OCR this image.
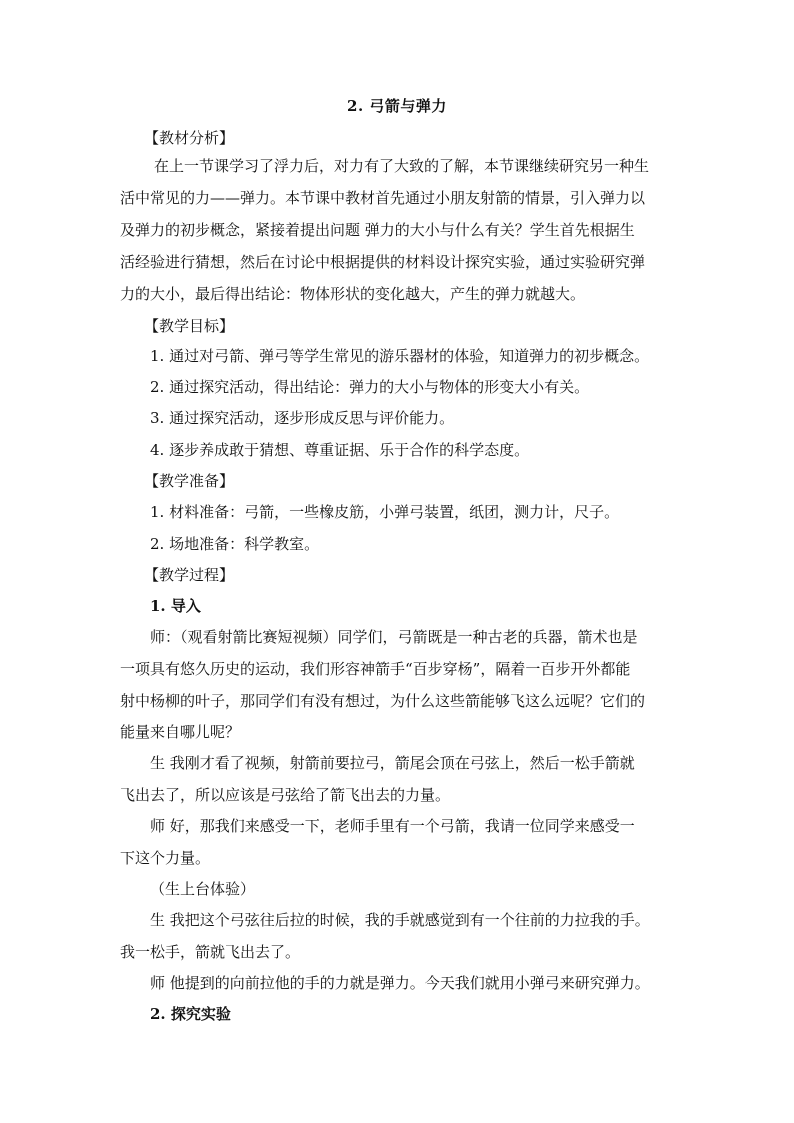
2. 弓箭与弹力
【教材分析】
在上一节课学习了浮力后，对力有了大致的了解，本节课继续研究另一种生
活中常见的力——弹力。本节课中教材首先通过小朋友射箭的情景，引入弹力以
及弹力的初步概念，紧接着提出问题 弹力的大小与什么有关？学生首先根据生
活经验进行猜想，然后在讨论中根据提供的材料设计探究实验，通过实验研究弹
力的大小，最后得出结论：物体形状的变化越大，产生的弹力就越大。
【教学目标】
1. 通过对弓箭、弹弓等学生常见的游乐器材的体验，知道弹力的初步概念。
2. 通过探究活动，得出结论：弹力的大小与物体的形变大小有关。
3. 通过探究活动，逐步形成反思与评价能力。
4. 逐步养成敢于猜想、尊重证据、乐于合作的科学态度。
【教学准备】
1. 材料准备：弓箭，一些橡皮筋，小弹弓装置，纸团，测力计，尺子。
2. 场地准备：科学教室。
【教学过程】
1. 导入
师：（观看射箭比赛短视频）同学们，弓箭既是一种古老的兵器，箭术也是
一项具有悠久历史的运动，我们形容神箭手“百步穿杨”，隔着一百步开外都能
射中杨柳的叶子，那同学们有没有想过，为什么这些箭能够飞这么远呢？它们的
能量来自哪儿呢？
生 我刚才看了视频，射箭前要拉弓，箭尾会顶在弓弦上，然后一松手箭就
飞出去了，所以应该是弓弦给了箭飞出去的力量。
师 好，那我们来感受一下，老师手里有一个弓箭，我请一位同学来感受一
下这个力量。
（生上台体验）
生 我把这个弓弦往后拉的时候，我的手就感觉到有一个往前的力拉我的手。
我一松手，箭就飞出去了。
师 他提到的向前拉他的手的力就是弹力。今天我们就用小弹弓来研究弹力。
2. 探究实验
